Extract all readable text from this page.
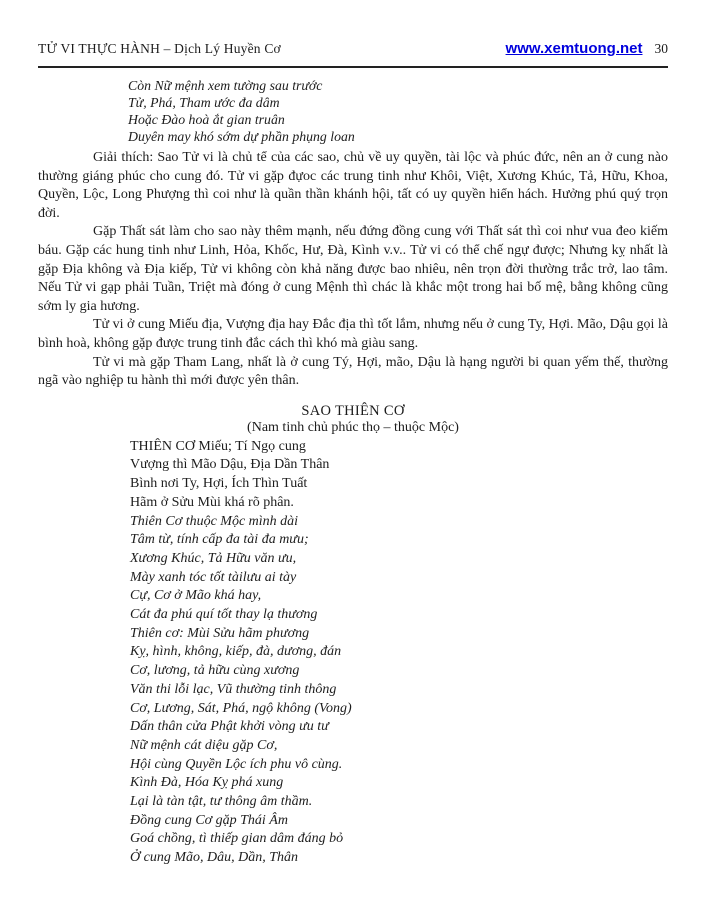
TỬ VI THỰC HÀNH – Dịch Lý Huyền Cơ	www.xemtuong.net 30
Còn Nữ mệnh xem tường sau trước
Tử, Phá, Tham ước đa dâm
Hoặc Đào hoà ắt gian truân
Duyên may khó sớm dự phần phụng loan

Giải thích: Sao Tử vi là chủ tể của các sao, chủ về uy quyền, tài lộc và phúc đức, nên an ở cung nào thường giáng phúc cho cung đó. Tử vi gặp đựoc các trung tinh như Khôi, Việt, Xương Khúc, Tả, Hữu, Khoa, Quyền, Lộc, Long Phượng thì coi như là quần thần khánh hội, tất có uy quyền hiển hách. Hưởng phú quý trọn đời.

Gặp Thất sát làm cho sao này thêm mạnh, nếu đứng đồng cung với Thất sát thì coi như vua đeo kiếm báu. Gặp các hung tinh như Linh, Hỏa, Khốc, Hư, Đà, Kình v.v.. Tử vi có thể chế ngự được; Nhưng kỵ nhất là gặp Địa không và Địa kiếp, Tử vi không còn khả năng được bao nhiêu, nên trọn đời thường trắc trở, lao tâm. Nếu Tử vi gạp phải Tuần, Triệt mà đóng ở cung Mệnh thì chác là khắc một trong hai bố mệ, bằng không cũng sớm ly gia hương.

Tử vi ở cung Miếu địa, Vượng địa hay Đắc địa thì tốt lắm, nhưng nếu ở cung Ty, Hợi. Mão, Dậu gọi là bình hoà, không gặp được trung tinh đắc cách thì khó mà giàu sang.

Tử vi mà gặp Tham Lang, nhất là ở cung Tý, Hợi, mão, Dậu là hạng người bi quan yếm thế, thường ngã vào nghiệp tu hành thì mới được yên thân.

SAO THIÊN CƠ
(Nam tinh chủ phúc thọ – thuộc Mộc)
THIÊN CƠ Miếu; Tí Ngọ cung
Vượng thì Mão Dậu, Địa Dần Thân
Bình nơi Ty, Hợi, Ích Thìn Tuất
Hãm ở Sửu Mùi khá rõ phân.
Thiên Cơ thuộc Mộc mình dài
Tâm từ, tính cấp đa tài đa mưu;
Xương Khúc, Tả Hữu văn ưu,
Mày xanh tóc tốt tàilưu ai tày
Cự, Cơ ở Mão khá hay,
Cát đa phú quí tốt thay lạ thương
Thiên cơ: Mùi Sửu hãm phương
Kỵ, hình, không, kiếp, đà, dương, đán
Cơ, lương, tả hữu cùng xương
Văn thi lỗi lạc, Vũ thường tinh thông
Cơ, Lương, Sát, Phá, ngộ không (Vong)
Dấn thân cửa Phật khởi vòng ưu tư
Nữ mệnh cát diệu gặp Cơ,
Hội cùng Quyền Lộc ích phu vô cùng.
Kình Đà, Hóa Kỵ phá xung
Lại là tàn tật, tư thông âm thầm.
Đồng cung Cơ gặp Thái Âm
Goá chồng, tì thiếp gian dâm đáng bỏ
Ở cung Mão, Dâu, Dần, Thân
